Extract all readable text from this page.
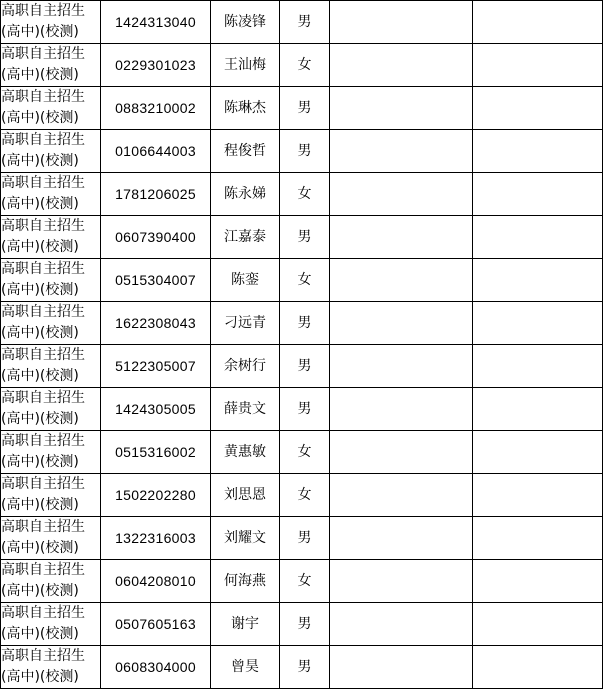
高职自主招生
(高中)(校测)	1424313040	陈凌锋	男		

高职自主招生
(高中)(校测)	0229301023	王汕梅	女		

高职自主招生
(高中)(校测)	0883210002	陈琳杰	男		

高职自主招生
(高中)(校测)	0106644003	程俊哲	男		

高职自主招生
(高中)(校测)	1781206025	陈永娣	女		

高职自主招生
(高中)(校测)	0607390400	江嘉泰	男		

高职自主招生
(高中)(校测)	0515304007	陈銮	女		

高职自主招生
(高中)(校测)	1622308043	刁远青	男		

高职自主招生
(高中)(校测)	5122305007	余树行	男		

高职自主招生
(高中)(校测)	1424305005	薛贵文	男		

高职自主招生
(高中)(校测)	0515316002	黄惠敏	女		

高职自主招生
(高中)(校测)	1502202280	刘思恩	女		

高职自主招生
(高中)(校测)	1322316003	刘耀文	男		

高职自主招生
(高中)(校测)	0604208010	何海燕	女		

高职自主招生
(高中)(校测)	0507605163	谢宇	男		

高职自主招生
(高中)(校测)	0608304000	曾昊	男		
